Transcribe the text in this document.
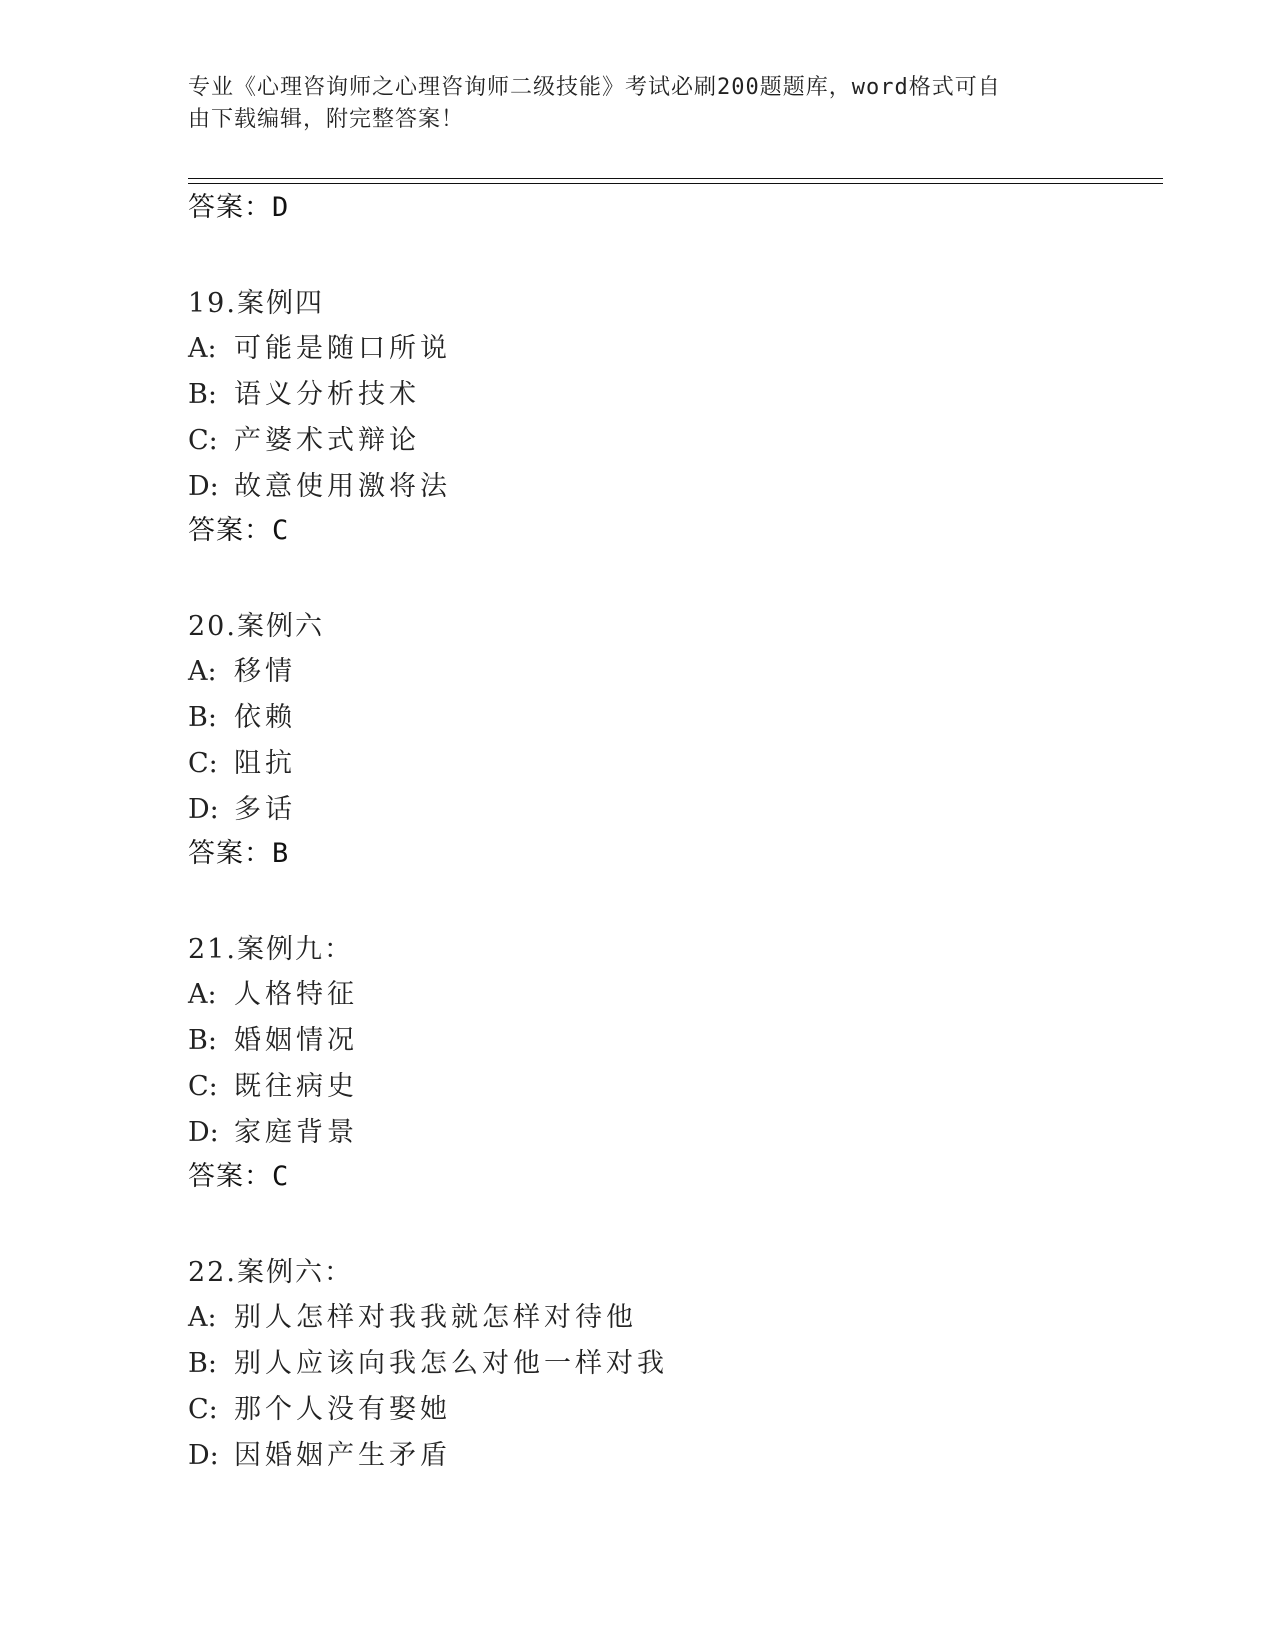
专业《心理咨询师之心理咨询师二级技能》考试必刷200题题库，word格式可自
由下载编辑，附完整答案！
答案：D
19.案例四
A: 可能是随口所说
B: 语义分析技术
C: 产婆术式辩论
D: 故意使用激将法
答案：C
20.案例六
A: 移情
B: 依赖
C: 阻抗
D: 多话
答案：B
21.案例九：
A: 人格特征
B: 婚姻情况
C: 既往病史
D: 家庭背景
答案：C
22.案例六：
A: 别人怎样对我我就怎样对待他
B: 别人应该向我怎么对他一样对我
C: 那个人没有娶她
D: 因婚姻产生矛盾
